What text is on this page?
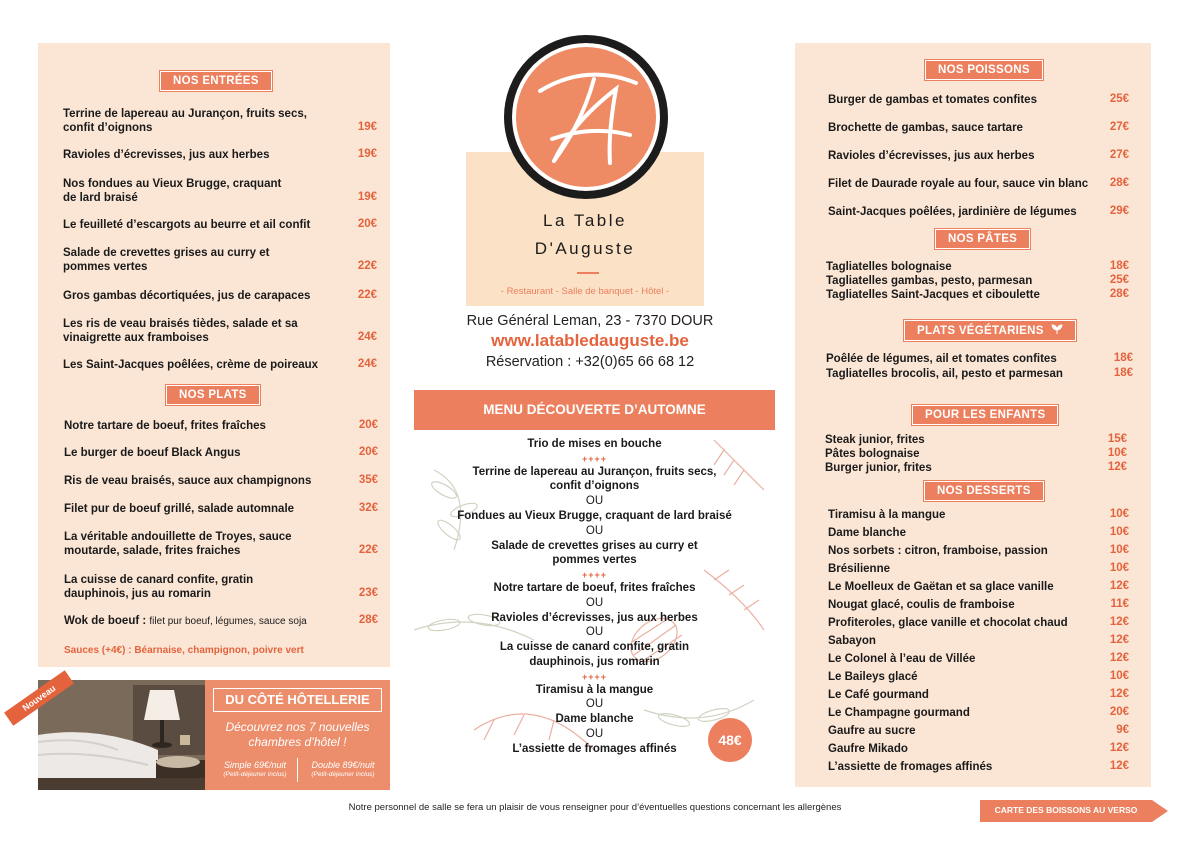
NOS ENTRÉES
Terrine de lapereau au Jurançon, fruits secs,
confit d’oignons	19€
Ravioles d’écrevisses, jus aux herbes	19€
Nos fondues au Vieux Brugge, craquant
de lard braisé	19€
Le feuilleté d’escargots au beurre et ail confit	20€
Salade de crevettes grises au curry et
pommes vertes	22€
Gros gambas décortiquées, jus de carapaces	22€
Les ris de veau braisés tièdes, salade et sa
vinaigrette aux framboises	24€
Les Saint-Jacques poêlées, crème de poireaux	24€
NOS PLATS
Notre tartare de boeuf, frites fraîches	20€
Le burger de boeuf Black Angus	20€
Ris de veau braisés, sauce aux champignons	35€
Filet pur de boeuf grillé, salade automnale	32€
La véritable andouillette de Troyes, sauce
moutarde, salade, frites fraiches	22€
La cuisse de canard confite, gratin
dauphinois, jus au romarin	23€
Wok de boeuf : filet pur boeuf, légumes, sauce soja	28€
Sauces (+4€) : Béarnaise, champignon, poivre vert
DU CÔTÉ HÔTELLERIE
Découvrez nos 7 nouvelles
chambres d’hôtel !
Simple 69€/nuit
(Petit-déjeuner inclus)
Double 89€/nuit
(Petit-déjeuner inclus)
Nouveau
La Table
D'Auguste
- Restaurant - Salle de banquet - Hôtel -
Rue Général Leman, 23 - 7370 DOUR
www.latabledauguste.be
Réservation : +32(0)65 66 68 12
MENU DÉCOUVERTE D’AUTOMNE
Trio de mises en bouche
++++
Terrine de lapereau au Jurançon, fruits secs,
confit d’oignons
OU
Fondues au Vieux Brugge, craquant de lard braisé
OU
Salade de crevettes grises au curry et
pommes vertes
++++
Notre tartare de boeuf, frites fraîches
OU
Ravioles d’écrevisses, jus aux herbes
OU
La cuisse de canard confite, gratin
dauphinois, jus romarin
++++
Tiramisu à la mangue
OU
Dame blanche
OU
L’assiette de fromages affinés
48€
NOS POISSONS
Burger de gambas et tomates confites	25€
Brochette de gambas, sauce tartare	27€
Ravioles d’écrevisses, jus aux herbes	27€
Filet de Daurade royale au four, sauce vin blanc	28€
Saint-Jacques poêlées, jardinière de légumes	29€
NOS PÂTES
Tagliatelles bolognaise	18€
Tagliatelles gambas, pesto, parmesan	25€
Tagliatelles Saint-Jacques et ciboulette	28€
PLATS VÉGÉTARIENS
Poêlée de légumes, ail et tomates confites	18€
Tagliatelles brocolis, ail, pesto et parmesan	18€
POUR LES ENFANTS
Steak junior, frites	15€
Pâtes bolognaise	10€
Burger junior, frites	12€
NOS DESSERTS
Tiramisu à la mangue	10€
Dame blanche	10€
Nos sorbets : citron, framboise, passion	10€
Brésilienne	10€
Le Moelleux de Gaëtan et sa glace vanille	12€
Nougat glacé, coulis de framboise	11€
Profiteroles, glace vanille et chocolat chaud	12€
Sabayon	12€
Le Colonel à l’eau de Villée	12€
Le Baileys glacé	10€
Le Café gourmand	12€
Le Champagne gourmand	20€
Gaufre au sucre	9€
Gaufre Mikado	12€
L’assiette de fromages affinés	12€
Notre personnel de salle se fera un plaisir de vous renseigner pour d’éventuelles questions concernant les allergènes	CARTE DES BOISSONS AU VERSO
